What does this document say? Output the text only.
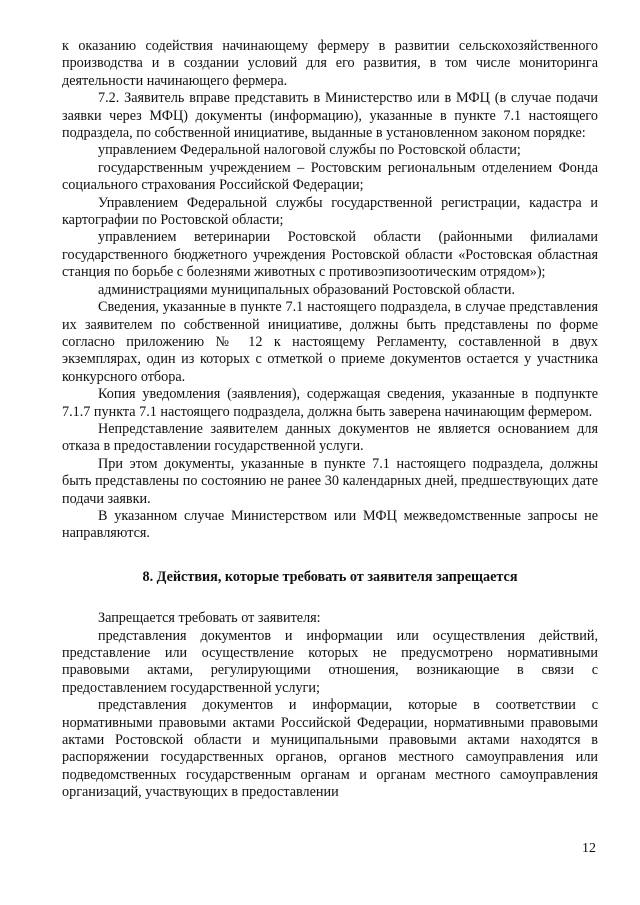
к оказанию содействия начинающему фермеру в развитии сельскохозяйственного производства и в создании условий для его развития, в том числе мониторинга деятельности начинающего фермера.

7.2. Заявитель вправе представить в Министерство или в МФЦ (в случае подачи заявки через МФЦ) документы (информацию), указанные в пункте 7.1 настоящего подраздела, по собственной инициативе, выданные в установленном законом порядке:

управлением Федеральной налоговой службы по Ростовской области;

государственным учреждением – Ростовским региональным отделением Фонда социального страхования Российской Федерации;

Управлением Федеральной службы государственной регистрации, кадастра и картографии по Ростовской области;

управлением ветеринарии Ростовской области (районными филиалами государственного бюджетного учреждения Ростовской области «Ростовская областная станция по борьбе с болезнями животных с противоэпизоотическим отрядом»);

администрациями муниципальных образований Ростовской области.

Сведения, указанные в пункте 7.1 настоящего подраздела, в случае представления их заявителем по собственной инициативе, должны быть представлены по форме согласно приложению № 12 к настоящему Регламенту, составленной в двух экземплярах, один из которых с отметкой о приеме документов остается у участника конкурсного отбора.

Копия уведомления (заявления), содержащая сведения, указанные в подпункте 7.1.7 пункта 7.1 настоящего подраздела, должна быть заверена начинающим фермером.

Непредставление заявителем данных документов не является основанием для отказа в предоставлении государственной услуги.

При этом документы, указанные в пункте 7.1 настоящего подраздела, должны быть представлены по состоянию не ранее 30 календарных дней, предшествующих дате подачи заявки.

В указанном случае Министерством или МФЦ межведомственные запросы не направляются.

8. Действия, которые требовать от заявителя запрещается

Запрещается требовать от заявителя:

представления документов и информации или осуществления действий, представление или осуществление которых не предусмотрено нормативными правовыми актами, регулирующими отношения, возникающие в связи с предоставлением государственной услуги;

представления документов и информации, которые в соответствии с нормативными правовыми актами Российской Федерации, нормативными правовыми актами Ростовской области и муниципальными правовыми актами находятся в распоряжении государственных органов, органов местного самоуправления или подведомственных государственным органам и органам местного самоуправления организаций, участвующих в предоставлении

12
